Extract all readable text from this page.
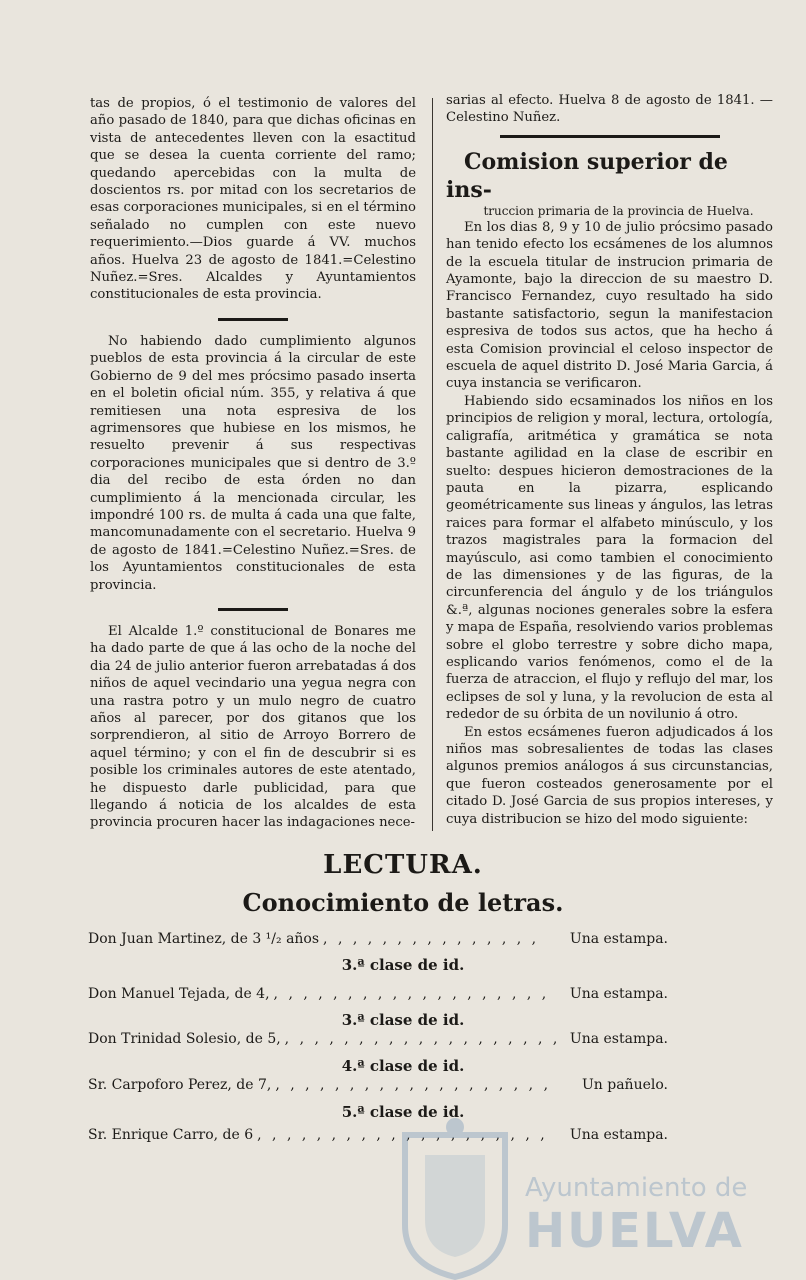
tas de propios, ó el testimonio de valores del año pasado de 1840, para que dichas oficinas en vista de antecedentes lleven con la esactitud que se desea la cuenta corriente del ramo; quedando apercebidas con la multa de doscientos rs. por mitad con los secretarios de esas corporaciones municipales, si en el término señalado no cumplen con este nuevo requerimiento.—Dios guarde á VV. muchos años. Huelva 23 de agosto de 1841.=Celestino Nuñez.=Sres. Alcaldes y Ayuntamientos constitucionales de esta provincia.

No habiendo dado cumplimiento algunos pueblos de esta provincia á la circular de este Gobierno de 9 del mes prócsimo pasado inserta en el boletin oficial núm. 355, y relativa á que remitiesen una nota espresiva de los agrimensores que hubiese en los mismos, he resuelto prevenir á sus respectivas corporaciones municipales que si dentro de 3.º dia del recibo de esta órden no dan cumplimiento á la mencionada circular, les impondré 100 rs. de multa á cada una que falte, mancomunadamente con el secretario. Huelva 9 de agosto de 1841.=Celestino Nuñez.=Sres. de los Ayuntamientos constitucionales de esta provincia.

El Alcalde 1.º constitucional de Bonares me ha dado parte de que á las ocho de la noche del dia 24 de julio anterior fueron arrebatadas á dos niños de aquel vecindario una yegua negra con una rastra potro y un mulo negro de cuatro años al parecer, por dos gitanos que los sorprendieron, al sitio de Arroyo Borrero de aquel término; y con el fin de descubrir si es posible los criminales autores de este atentado, he dispuesto darle publicidad, para que llegando á noticia de los alcaldes de esta provincia procuren hacer las indagaciones nece-

sarias al efecto. Huelva 8 de agosto de 1841. —Celestino Nuñez.

Comision superior de ins-

truccion primaria de la provincia de Huelva.

En los dias 8, 9 y 10 de julio prócsimo pasado han tenido efecto los ecsámenes de los alumnos de la escuela titular de instrucion primaria de Ayamonte, bajo la direccion de su maestro D. Francisco Fernandez, cuyo resultado ha sido bastante satisfactorio, segun la manifestacion espresiva de todos sus actos, que ha hecho á esta Comision provincial el celoso inspector de escuela de aquel distrito D. José Maria Garcia, á cuya instancia se verificaron.

Habiendo sido ecsaminados los niños en los principios de religion y moral, lectura, ortología, caligrafía, aritmética y gramática se nota bastante agilidad en la clase de escribir en suelto: despues hicieron demostraciones de la pauta en la pizarra, esplicando geométricamente sus lineas y ángulos, las letras raices para formar el alfabeto minúsculo, y los trazos magistrales para la formacion del mayúsculo, asi como tambien el conocimiento de las dimensiones y de las figuras, de la circunferencia del ángulo y de los triángulos &.ª, algunas nociones generales sobre la esfera y mapa de España, resolviendo varios problemas sobre el globo terrestre y sobre dicho mapa, esplicando varios fenómenos, como el de la fuerza de atraccion, el flujo y reflujo del mar, los eclipses de sol y luna, y la revolucion de esta al rededor de su órbita de un novilunio á otro.

En estos ecsámenes fueron adjudicados á los niños mas sobresalientes de todas las clases algunos premios análogos á sus circunstancias, que fueron costeados generosamente por el citado D. José Garcia de sus propios intereses, y cuya distribucion se hizo del modo siguiente:

LECTURA.
Conocimiento de letras.
Don Juan Martinez, de 3 ¹/₂ años , , , , , , , , , , , , , , ,	Una estampa.
3.ª clase de id.
Don Manuel Tejada, de 4, , , , , , , , , , , , , , , , , , , ,	Una estampa.
3.ª clase de id.
Don Trinidad Solesio, de 5, , , , , , , , , , , , , , , , , , , , Una estampa.
4.ª clase de id.
Sr. Carpoforo Perez, de 7, , , , , , , , , , , , , , , , , , , ,	Un pañuelo.
5.ª clase de id.
Sr. Enrique Carro, de 6 , , , , , , , , , , , , , , , , , , , ,	Una estampa.
Ayuntamiento de
HUELVA
